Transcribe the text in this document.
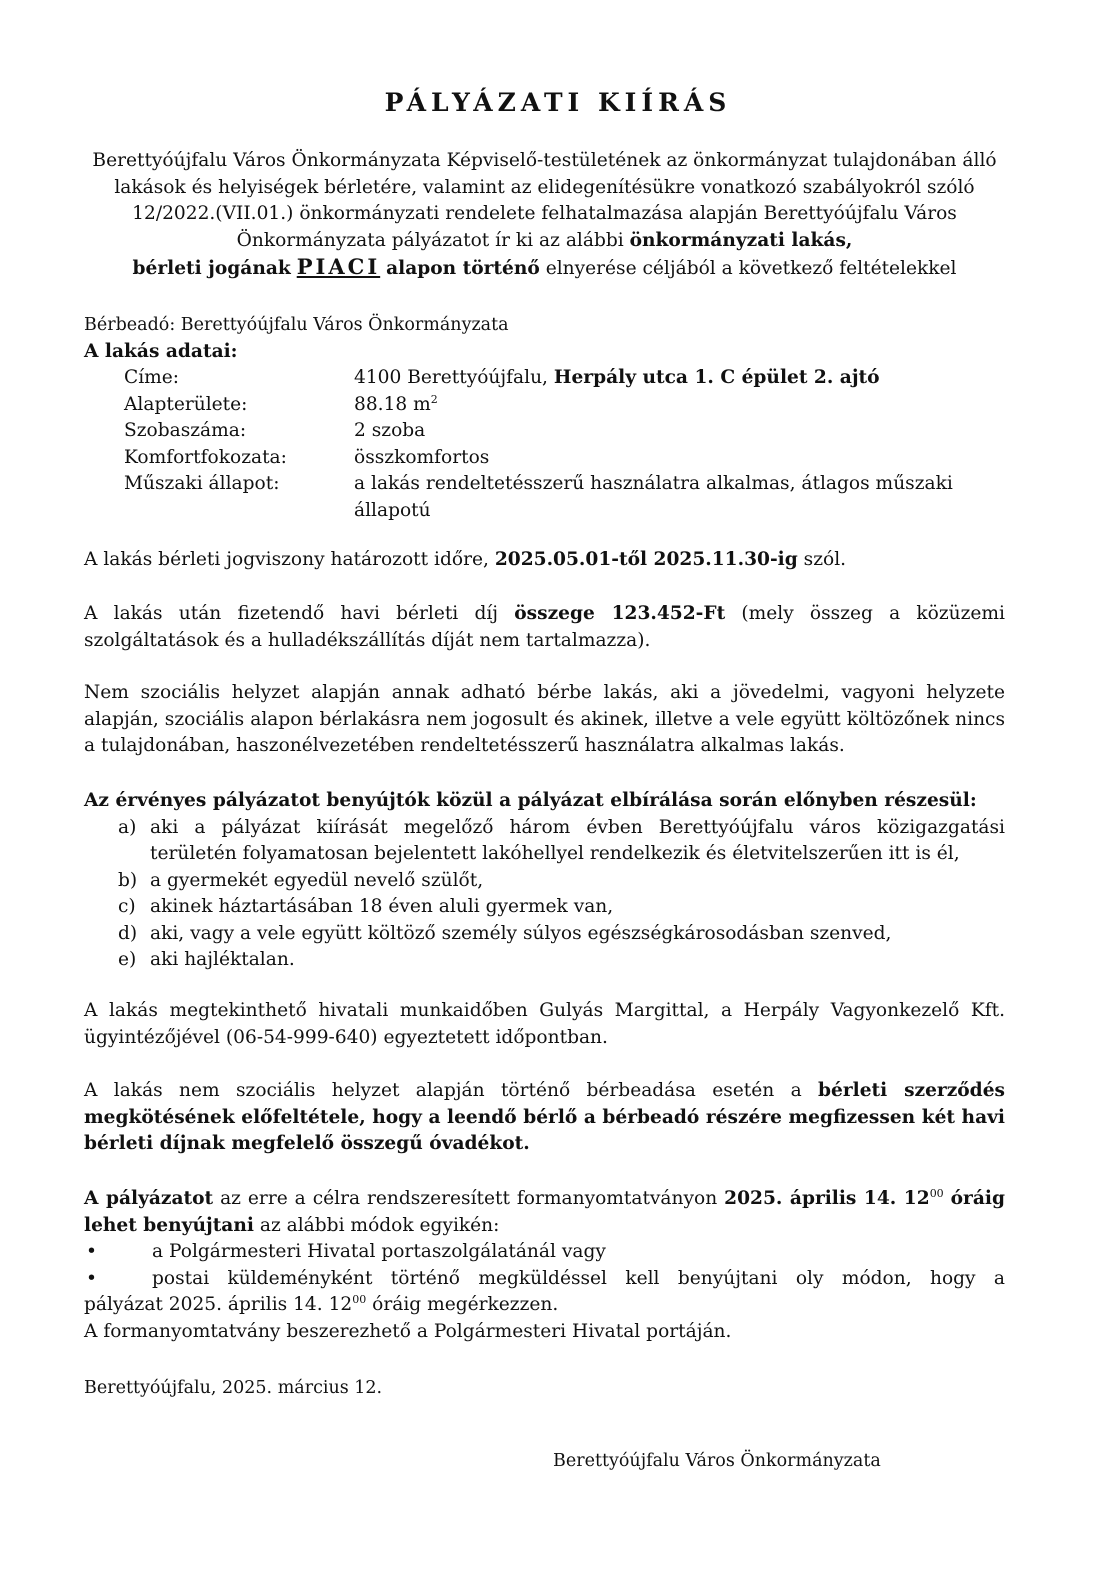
PÁLYÁZATI KIÍRÁS

Berettyóújfalu Város Önkormányzata Képviselő-testületének az önkormányzat tulajdonában álló lakások és helyiségek bérletére, valamint az elidegenítésükre vonatkozó szabályokról szóló 12/2022.(VII.01.) önkormányzati rendelete felhatalmazása alapján Berettyóújfalu Város Önkormányzata pályázatot ír ki az alábbi önkormányzati lakás,
bérleti jogának PIACI alapon történő elnyerése céljából a következő feltételekkel

Bérbeadó: Berettyóújfalu Város Önkormányzata
A lakás adatai:
Címe:	4100 Berettyóújfalu, Herpály utca 1. C épület 2. ajtó
Alapterülete:	88.18 $m^2$
Szobaszáma:	2 szoba
Komfortfokozata:	összkomfortos
Műszaki állapot:	a lakás rendeltetésszerű használatra alkalmas, átlagos műszaki állapotú

A lakás bérleti jogviszony határozott időre, 2025.05.01-től 2025.11.30-ig szól.

A lakás után fizetendő havi bérleti díj összege 123.452-Ft (mely összeg a közüzemi szolgáltatások és a hulladékszállítás díját nem tartalmazza).

Nem szociális helyzet alapján annak adható bérbe lakás, aki a jövedelmi, vagyoni helyzete alapján, szociális alapon bérlakásra nem jogosult és akinek, illetve a vele együtt költözőnek nincs a tulajdonában, haszonélvezetében rendeltetésszerű használatra alkalmas lakás.

Az érvényes pályázatot benyújtók közül a pályázat elbírálása során előnyben részesül:
a) aki a pályázat kiírását megelőző három évben Berettyóújfalu város közigazgatási területén folyamatosan bejelentett lakóhellyel rendelkezik és életvitelszerűen itt is él,
b) a gyermekét egyedül nevelő szülőt,
c) akinek háztartásában 18 éven aluli gyermek van,
d) aki, vagy a vele együtt költöző személy súlyos egészségkárosodásban szenved,
e) aki hajléktalan.

A lakás megtekinthető hivatali munkaidőben Gulyás Margittal, a Herpály Vagyonkezelő Kft. ügyintézőjével (06-54-999-640) egyeztetett időpontban.

A lakás nem szociális helyzet alapján történő bérbeadása esetén a bérleti szerződés megkötésének előfeltétele, hogy a leendő bérlő a bérbeadó részére megfizessen két havi bérleti díjnak megfelelő összegű óvadékot.

A pályázatot az erre a célra rendszeresített formanyomtatványon 2025. április 14. $12^{00}$ óráig lehet benyújtani az alábbi módok egyikén:
•	a Polgármesteri Hivatal portaszolgálatánál vagy
•	postai küldeményként történő megküldéssel kell benyújtani oly módon, hogy a
pályázat 2025. április 14. $12^{00}$ óráig megérkezzen.
A formanyomtatvány beszerezhető a Polgármesteri Hivatal portáján.

Berettyóújfalu, 2025. március 12.

Berettyóújfalu Város Önkormányzata
